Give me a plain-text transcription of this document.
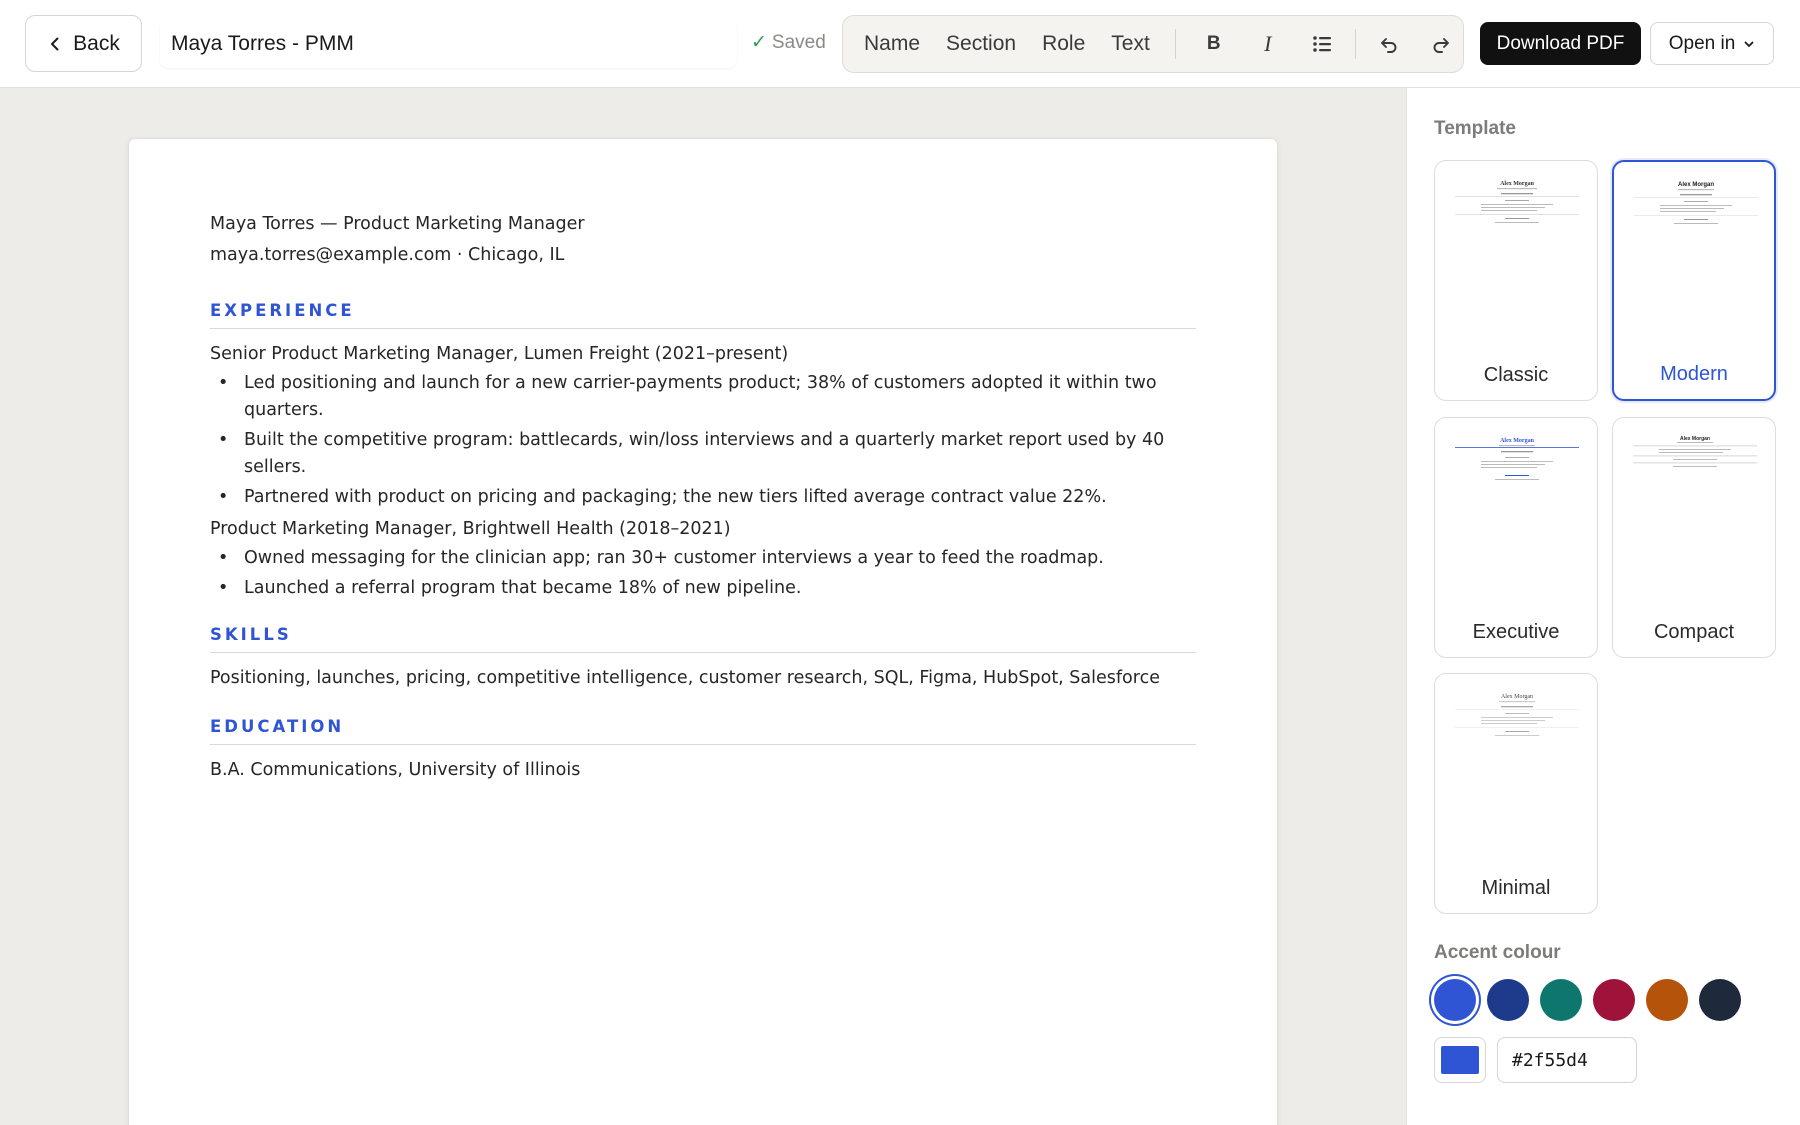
Back
Maya Torres - PMM	✓ Saved	Name	Section	Role	Text	B	I	Download PDF	Open in
Maya Torres — Product Marketing Manager
maya.torres@example.com · Chicago, IL
EXPERIENCE
Senior Product Marketing Manager, Lumen Freight (2021–present)
• Led positioning and launch for a new carrier-payments product; 38% of customers adopted it within two quarters.
• Built the competitive program: battlecards, win/loss interviews and a quarterly market report used by 40 sellers.
• Partnered with product on pricing and packaging; the new tiers lifted average contract value 22%.
Product Marketing Manager, Brightwell Health (2018–2021)
• Owned messaging for the clinician app; ran 30+ customer interviews a year to feed the roadmap.
• Launched a referral program that became 18% of new pipeline.
SKILLS
Positioning, launches, pricing, competitive intelligence, customer research, SQL, Figma, HubSpot, Salesforce
EDUCATION
B.A. Communications, University of Illinois
Template
Alex Morgan
Classic
Alex Morgan
Modern
Alex Morgan
Executive
Alex Morgan
Compact
Alex Morgan
Minimal
Accent colour
#2f55d4
